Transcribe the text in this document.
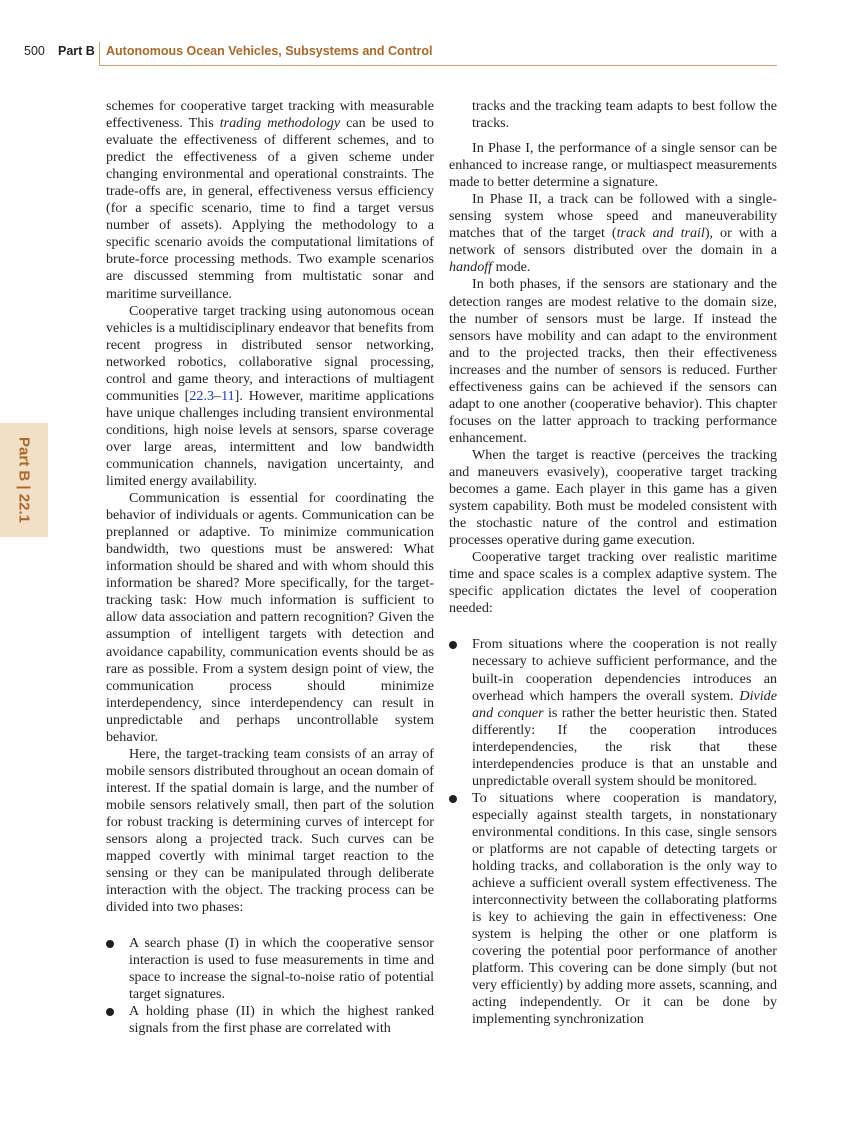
500 Part B Autonomous Ocean Vehicles, Subsystems and Control
Part B | 22.1

schemes for cooperative target tracking with measurable effectiveness. This trading methodology can be used to evaluate the effectiveness of different schemes, and to predict the effectiveness of a given scheme under changing environmental and operational constraints. The trade-offs are, in general, effectiveness versus efficiency (for a specific scenario, time to find a target versus number of assets). Applying the methodology to a specific scenario avoids the computational limitations of brute-force processing methods. Two example scenarios are discussed stemming from multistatic sonar and maritime surveillance.

Cooperative target tracking using autonomous ocean vehicles is a multidisciplinary endeavor that benefits from recent progress in distributed sensor networking, networked robotics, collaborative signal processing, control and game theory, and interactions of multiagent communities [22.3–11]. However, maritime applications have unique challenges including transient environmental conditions, high noise levels at sensors, sparse coverage over large areas, intermittent and low bandwidth communication channels, navigation uncertainty, and limited energy availability.

Communication is essential for coordinating the behavior of individuals or agents. Communication can be preplanned or adaptive. To minimize communication bandwidth, two questions must be answered: What information should be shared and with whom should this information be shared? More specifically, for the target-tracking task: How much information is sufficient to allow data association and pattern recognition? Given the assumption of intelligent targets with detection and avoidance capability, communication events should be as rare as possible. From a system design point of view, the communication process should minimize interdependency, since interdependency can result in unpredictable and perhaps uncontrollable system behavior.

Here, the target-tracking team consists of an array of mobile sensors distributed throughout an ocean domain of interest. If the spatial domain is large, and the number of mobile sensors relatively small, then part of the solution for robust tracking is determining curves of intercept for sensors along a projected track. Such curves can be mapped covertly with minimal target reaction to the sensing or they can be manipulated through deliberate interaction with the object. The tracking process can be divided into two phases:

A search phase (I) in which the cooperative sensor interaction is used to fuse measurements in time and space to increase the signal-to-noise ratio of potential target signatures.
A holding phase (II) in which the highest ranked signals from the first phase are correlated with

tracks and the tracking team adapts to best follow the tracks.

In Phase I, the performance of a single sensor can be enhanced to increase range, or multiaspect measurements made to better determine a signature.

In Phase II, a track can be followed with a single-sensing system whose speed and maneuverability matches that of the target (track and trail), or with a network of sensors distributed over the domain in a handoff mode.

In both phases, if the sensors are stationary and the detection ranges are modest relative to the domain size, the number of sensors must be large. If instead the sensors have mobility and can adapt to the environment and to the projected tracks, then their effectiveness increases and the number of sensors is reduced. Further effectiveness gains can be achieved if the sensors can adapt to one another (cooperative behavior). This chapter focuses on the latter approach to tracking performance enhancement.

When the target is reactive (perceives the tracking and maneuvers evasively), cooperative target tracking becomes a game. Each player in this game has a given system capability. Both must be modeled consistent with the stochastic nature of the control and estimation processes operative during game execution.

Cooperative target tracking over realistic maritime time and space scales is a complex adaptive system. The specific application dictates the level of cooperation needed:

From situations where the cooperation is not really necessary to achieve sufficient performance, and the built-in cooperation dependencies introduces an overhead which hampers the overall system. Divide and conquer is rather the better heuristic then. Stated differently: If the cooperation introduces interdependencies, the risk that these interdependencies produce is that an unstable and unpredictable overall system should be monitored.
To situations where cooperation is mandatory, especially against stealth targets, in nonstationary environmental conditions. In this case, single sensors or platforms are not capable of detecting targets or holding tracks, and collaboration is the only way to achieve a sufficient overall system effectiveness. The interconnectivity between the collaborating platforms is key to achieving the gain in effectiveness: One system is helping the other or one platform is covering the potential poor performance of another platform. This covering can be done simply (but not very efficiently) by adding more assets, scanning, and acting independently. Or it can be done by implementing synchronization
